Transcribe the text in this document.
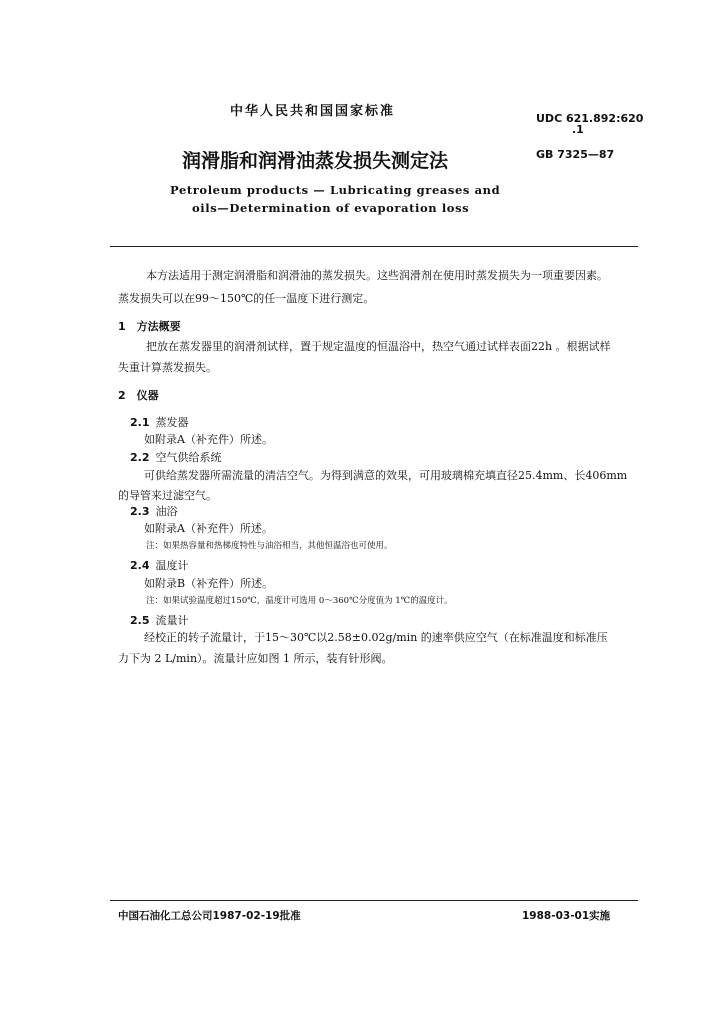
中华人民共和国国家标准	UDC 621.892:620
.1
润滑脂和润滑油蒸发损失测定法	GB 7325—87
Petroleum products — Lubricating greases and
oils—Determination of evaporation loss
本方法适用于测定润滑脂和润滑油的蒸发损失。这些润滑剂在使用时蒸发损失为一项重要因素。
蒸发损失可以在99～150℃的任一温度下进行测定。
1　方法概要
把放在蒸发器里的润滑剂试样，置于规定温度的恒温浴中，热空气通过试样表面22h 。根据试样
失重计算蒸发损失。
2　仪器
2.1 蒸发器
如附录A（补充件）所述。
2.2 空气供给系统
可供给蒸发器所需流量的清洁空气。为得到满意的效果，可用玻璃棉充填直径25.4mm、长406mm
的导管来过滤空气。
2.3 油浴
如附录A（补充件）所述。
注：如果热容量和热梯度特性与油浴相当，其他恒温浴也可使用。
2.4 温度计
如附录B（补充件）所述。
注：如果试验温度超过150℃，温度计可选用 0～360℃分度值为 1℃的温度计。
2.5 流量计
经校正的转子流量计，于15～30℃以2.58±0.02g/min 的速率供应空气（在标准温度和标准压
力下为 2 L/min）。流量计应如图 1 所示，装有针形阀。
中国石油化工总公司1987-02-19批准	1988-03-01实施
